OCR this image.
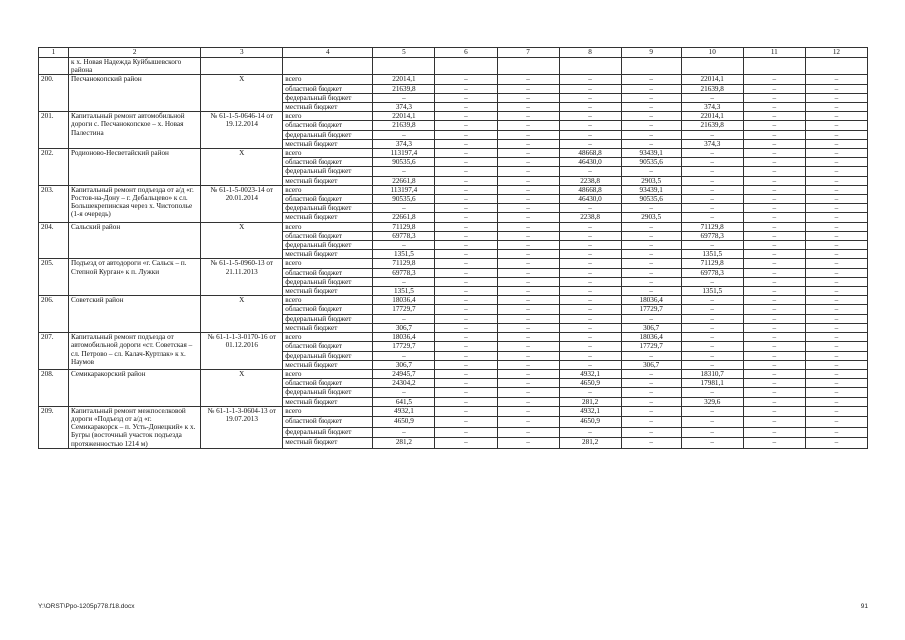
1	2	3	4	5	6	7	8	9	10	11	12
	к х. Новая Надежда Куйбышевского района										
200.	Песчанокопский район	X	всего	22014,1	–	–	–	–	22014,1	–	–
			областной бюджет	21639,8	–	–	–	–	21639,8	–	–
			федеральный бюджет	–	–	–	–	–	–	–	–
			местный бюджет	374,3	–	–	–	–	374,3	–	–
201.	Капитальный ремонт автомобильной дороги с. Песчанокопское – х. Новая Палестина	№ 61-1-5-0646-14 от 19.12.2014	всего	22014,1	–	–	–	–	22014,1	–	–
			областной бюджет	21639,8	–	–	–	–	21639,8	–	–
			федеральный бюджет	–	–	–	–	–	–	–	–
			местный бюджет	374,3	–	–	–	–	374,3	–	–
202.	Родионово-Несветайский район	X	всего	113197,4	–	–	48668,8	93439,1	–	–	–
			областной бюджет	90535,6	–	–	46430,0	90535,6	–	–	–
			федеральный бюджет	–	–	–	–	–	–	–	–
			местный бюджет	22661,8	–	–	2238,8	2903,5	–	–	–
203.	Капитальный ремонт подъезда от а/д «г. Ростов-на-Дону – г. Дебальцево» к сл. Большекрепинская через х. Чистополье (1-я очередь)	№ 61-1-5-0023-14 от 20.01.2014	всего	113197,4	–	–	48668,8	93439,1	–	–	–
			областной бюджет	90535,6	–	–	46430,0	90535,6	–	–	–
			федеральный бюджет	–	–	–	–	–	–	–	–
			местный бюджет	22661,8	–	–	2238,8	2903,5	–	–	–
204.	Сальский район	X	всего	71129,8	–	–	–	–	71129,8	–	–
			областной бюджет	69778,3	–	–	–	–	69778,3	–	–
			федеральный бюджет	–	–	–	–	–	–	–	–
			местный бюджет	1351,5	–	–	–	–	1351,5	–	–
205.	Подъезд от автодороги «г. Сальск – п. Степной Курган» к п. Лужки	№ 61-1-5-0960-13 от 21.11.2013	всего	71129,8	–	–	–	–	71129,8	–	–
			областной бюджет	69778,3	–	–	–	–	69778,3	–	–
			федеральный бюджет	–	–	–	–	–	–	–	–
			местный бюджет	1351,5	–	–	–	–	1351,5	–	–
206.	Советский район	X	всего	18036,4	–	–	–	18036,4	–	–	–
			областной бюджет	17729,7	–	–	–	17729,7	–	–	–
			федеральный бюджет	–	–	–	–	–	–	–	–
			местный бюджет	306,7	–	–	–	306,7	–	–	–
207.	Капитальный ремонт подъезда от автомобильной дороги «ст. Советская – сл. Петрово – сл. Калач-Куртлак» к х. Наумов	№ 61-1-1-3-0170-16 от 01.12.2016	всего	18036,4	–	–	–	18036,4	–	–	–
			областной бюджет	17729,7	–	–	–	17729,7	–	–	–
			федеральный бюджет	–	–	–	–	–	–	–	–
			местный бюджет	306,7	–	–	–	306,7	–	–	–
208.	Семикаракорский район	X	всего	24945,7	–	–	4932,1	–	18310,7	–	–
			областной бюджет	24304,2	–	–	4650,9	–	17981,1	–	–
			федеральный бюджет	–	–	–	–	–	–	–	–
			местный бюджет	641,5	–	–	281,2	–	329,6	–	–
209.	Капитальный ремонт межпоселковой дороги «Подъезд от а/д «г. Семикаракорск – п. Усть-Донецкий» к х. Бугры (восточный участок подъезда протяженностью 1214 м)	№ 61-1-1-3-0604-13 от 19.07.2013	всего	4932,1	–	–	4932,1	–	–	–	–
			областной бюджет	4650,9	–	–	4650,9	–	–	–	–
			федеральный бюджет	–	–	–	–	–	–	–	–
			местный бюджет	281,2	–	–	281,2	–	–	–	–
Y:\ORST\Ppo-1205p778.f18.docx	91
